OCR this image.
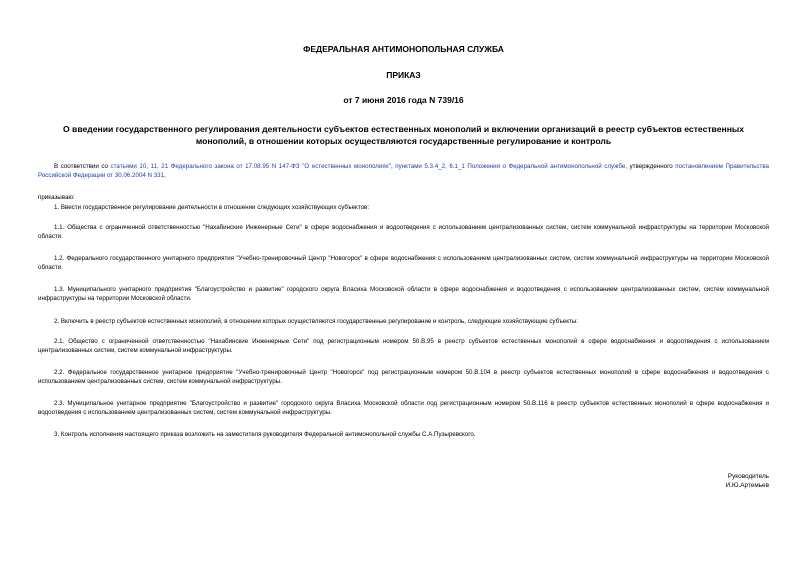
ФЕДЕРАЛЬНАЯ АНТИМОНОПОЛЬНАЯ СЛУЖБА
ПРИКАЗ
от 7 июня 2016 года N 739/16
О введении государственного регулирования деятельности субъектов естественных монополий и включении организаций в реестр субъектов естественных монополий, в отношении которых осуществляются государственные регулирование и контроль
В соответствии со статьями 10, 11, 21 Федерального закона от 17.08.95 N 147-ФЗ "О естественных монополиях", пунктами 5.3.4_2, 6.1_1 Положения о Федеральной антимонопольной службе, утвержденного постановлением Правительства Российской Федерации от 30.06.2004 N 331,
приказываю:
1. Ввести государственное регулирование деятельности в отношении следующих хозяйствующих субъектов:
1.1. Общества с ограниченной ответственностью "Нахабинские Инженерные Сети" в сфере водоснабжения и водоотведения с использованием централизованных систем, систем коммунальной инфраструктуры на территории Московской области.
1.2. Федерального государственного унитарного предприятия "Учебно-тренировочный Центр "Новогорск" в сфере водоснабжения с использованием централизованных систем, систем коммунальной инфраструктуры на территории Московской области.
1.3. Муниципального унитарного предприятия "Благоустройство и развитие" городского округа Власиха Московской области в сфере водоснабжения и водоотведения с использованием централизованных систем, систем коммунальной инфраструктуры на территории Московской области.
2. Включить в реестр субъектов естественных монополий, в отношении которых осуществляются государственные регулирование и контроль, следующие хозяйствующие субъекты:
2.1. Общество с ограниченной ответственностью "Нахабинские Инженерные Сети" под регистрационным номером 50.В.95 в реестр субъектов естественных монополий в сфере водоснабжения и водоотведения с использованием централизованных систем, систем коммунальной инфраструктуры.
2.2. Федеральное государственное унитарное предприятие "Учебно-тренировочный Центр "Новогорск" под регистрационным номером 50.В.104 в реестр субъектов естественных монополий в сфере водоснабжения и водоотведения с использованием централизованных систем, систем коммунальной инфраструктуры.
2.3. Муниципальное унитарное предприятие "Благоустройство и развитие" городского округа Власиха Московской области под регистрационным номером 50.В.116 в реестр субъектов естественных монополий в сфере водоснабжения и водоотведения с использованием централизованных систем, систем коммунальной инфраструктуры.
3. Контроль исполнения настоящего приказа возложить на заместителя руководителя Федеральной антимонопольной службы С.А.Пузыревского.
Руководитель
И.Ю.Артемьев
